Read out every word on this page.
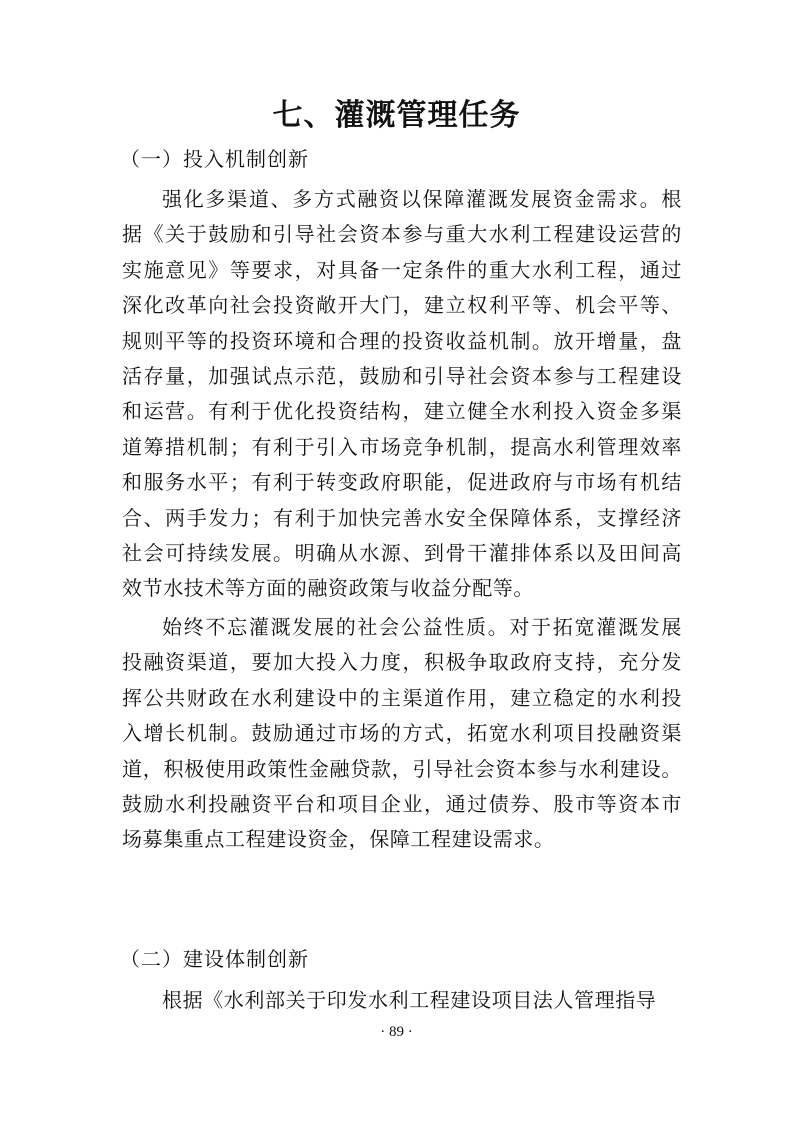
七、灌溉管理任务
（一）投入机制创新
强化多渠道、多方式融资以保障灌溉发展资金需求。根
据《关于鼓励和引导社会资本参与重大水利工程建设运营的
实施意见》等要求，对具备一定条件的重大水利工程，通过
深化改革向社会投资敞开大门，建立权利平等、机会平等、
规则平等的投资环境和合理的投资收益机制。放开增量，盘
活存量，加强试点示范，鼓励和引导社会资本参与工程建设
和运营。有利于优化投资结构，建立健全水利投入资金多渠
道筹措机制；有利于引入市场竞争机制，提高水利管理效率
和服务水平；有利于转变政府职能，促进政府与市场有机结
合、两手发力；有利于加快完善水安全保障体系，支撑经济
社会可持续发展。明确从水源、到骨干灌排体系以及田间高
效节水技术等方面的融资政策与收益分配等。
始终不忘灌溉发展的社会公益性质。对于拓宽灌溉发展
投融资渠道，要加大投入力度，积极争取政府支持，充分发
挥公共财政在水利建设中的主渠道作用，建立稳定的水利投
入增长机制。鼓励通过市场的方式，拓宽水利项目投融资渠
道，积极使用政策性金融贷款，引导社会资本参与水利建设。
鼓励水利投融资平台和项目企业，通过债券、股市等资本市
场募集重点工程建设资金，保障工程建设需求。
（二）建设体制创新
根据《水利部关于印发水利工程建设项目法人管理指导
· 89 ·
